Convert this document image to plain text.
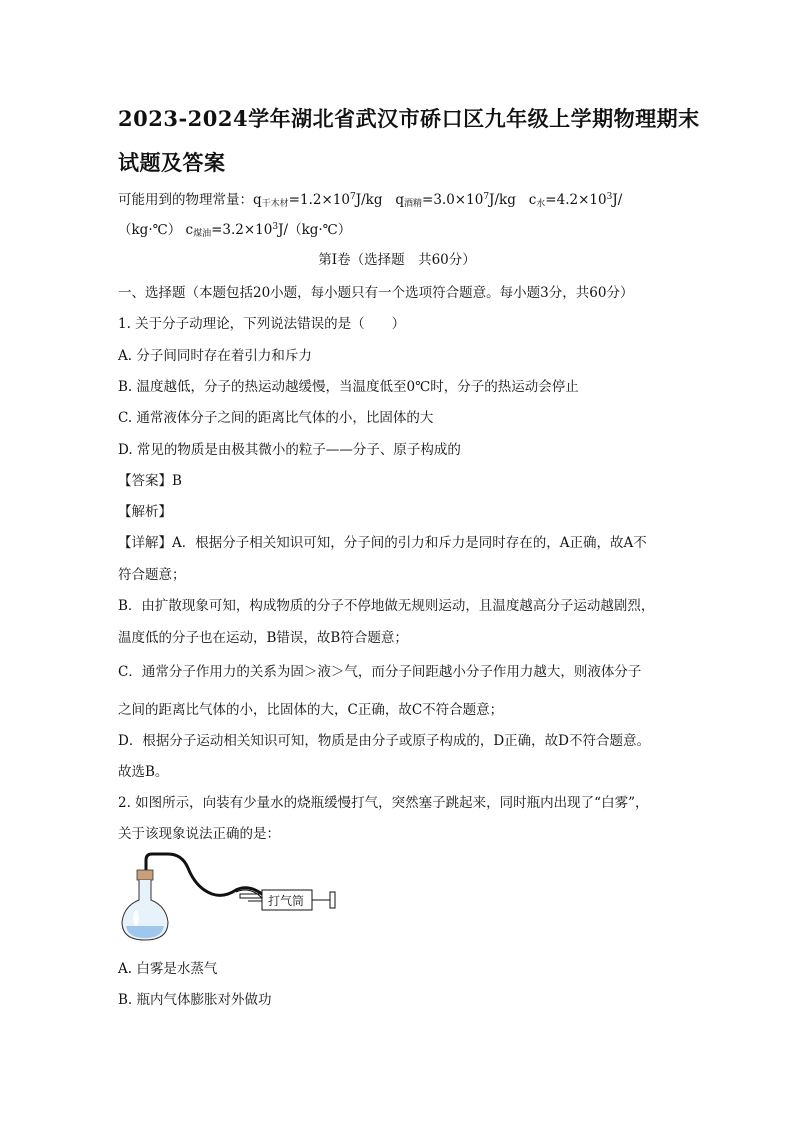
2023-2024学年湖北省武汉市硚口区九年级上学期物理期末
试题及答案
可能用到的物理常量：$q_{干木材}=1.2\times 10^7J/kg$ $q_{酒精}=3.0\times 10^7J/kg$ $c_水=4.2\times 10^3J/$
（kg·℃） $c_{煤油}=3.2\times 10^3J/(kg\cdot℃)$
第Ⅰ卷（选择题　共60分）
一、选择题（本题包括20小题，每小题只有一个选项符合题意。每小题3分，共60分）
1. 关于分子动理论，下列说法错误的是（　　）
A. 分子间同时存在着引力和斥力
B. 温度越低，分子的热运动越缓慢，当温度低至0℃时，分子的热运动会停止
C. 通常液体分子之间的距离比气体的小，比固体的大
D. 常见的物质是由极其微小的粒子——分子、原子构成的
【答案】B
【解析】
【详解】A．根据分子相关知识可知，分子间的引力和斥力是同时存在的，A正确，故A不
符合题意；
B．由扩散现象可知，构成物质的分子不停地做无规则运动，且温度越高分子运动越剧烈，
温度低的分子也在运动，B错误，故B符合题意；
C．通常分子作用力的关系为固＞液＞气，而分子间距越小分子作用力越大，则液体分子
之间的距离比气体的小，比固体的大，C正确，故C不符合题意；
D．根据分子运动相关知识可知，物质是由分子或原子构成的，D正确，故D不符合题意。
故选B。
2. 如图所示，向装有少量水的烧瓶缓慢打气，突然塞子跳起来，同时瓶内出现了“白雾”，
关于该现象说法正确的是：
打气筒
A. 白雾是水蒸气
B. 瓶内气体膨胀对外做功
